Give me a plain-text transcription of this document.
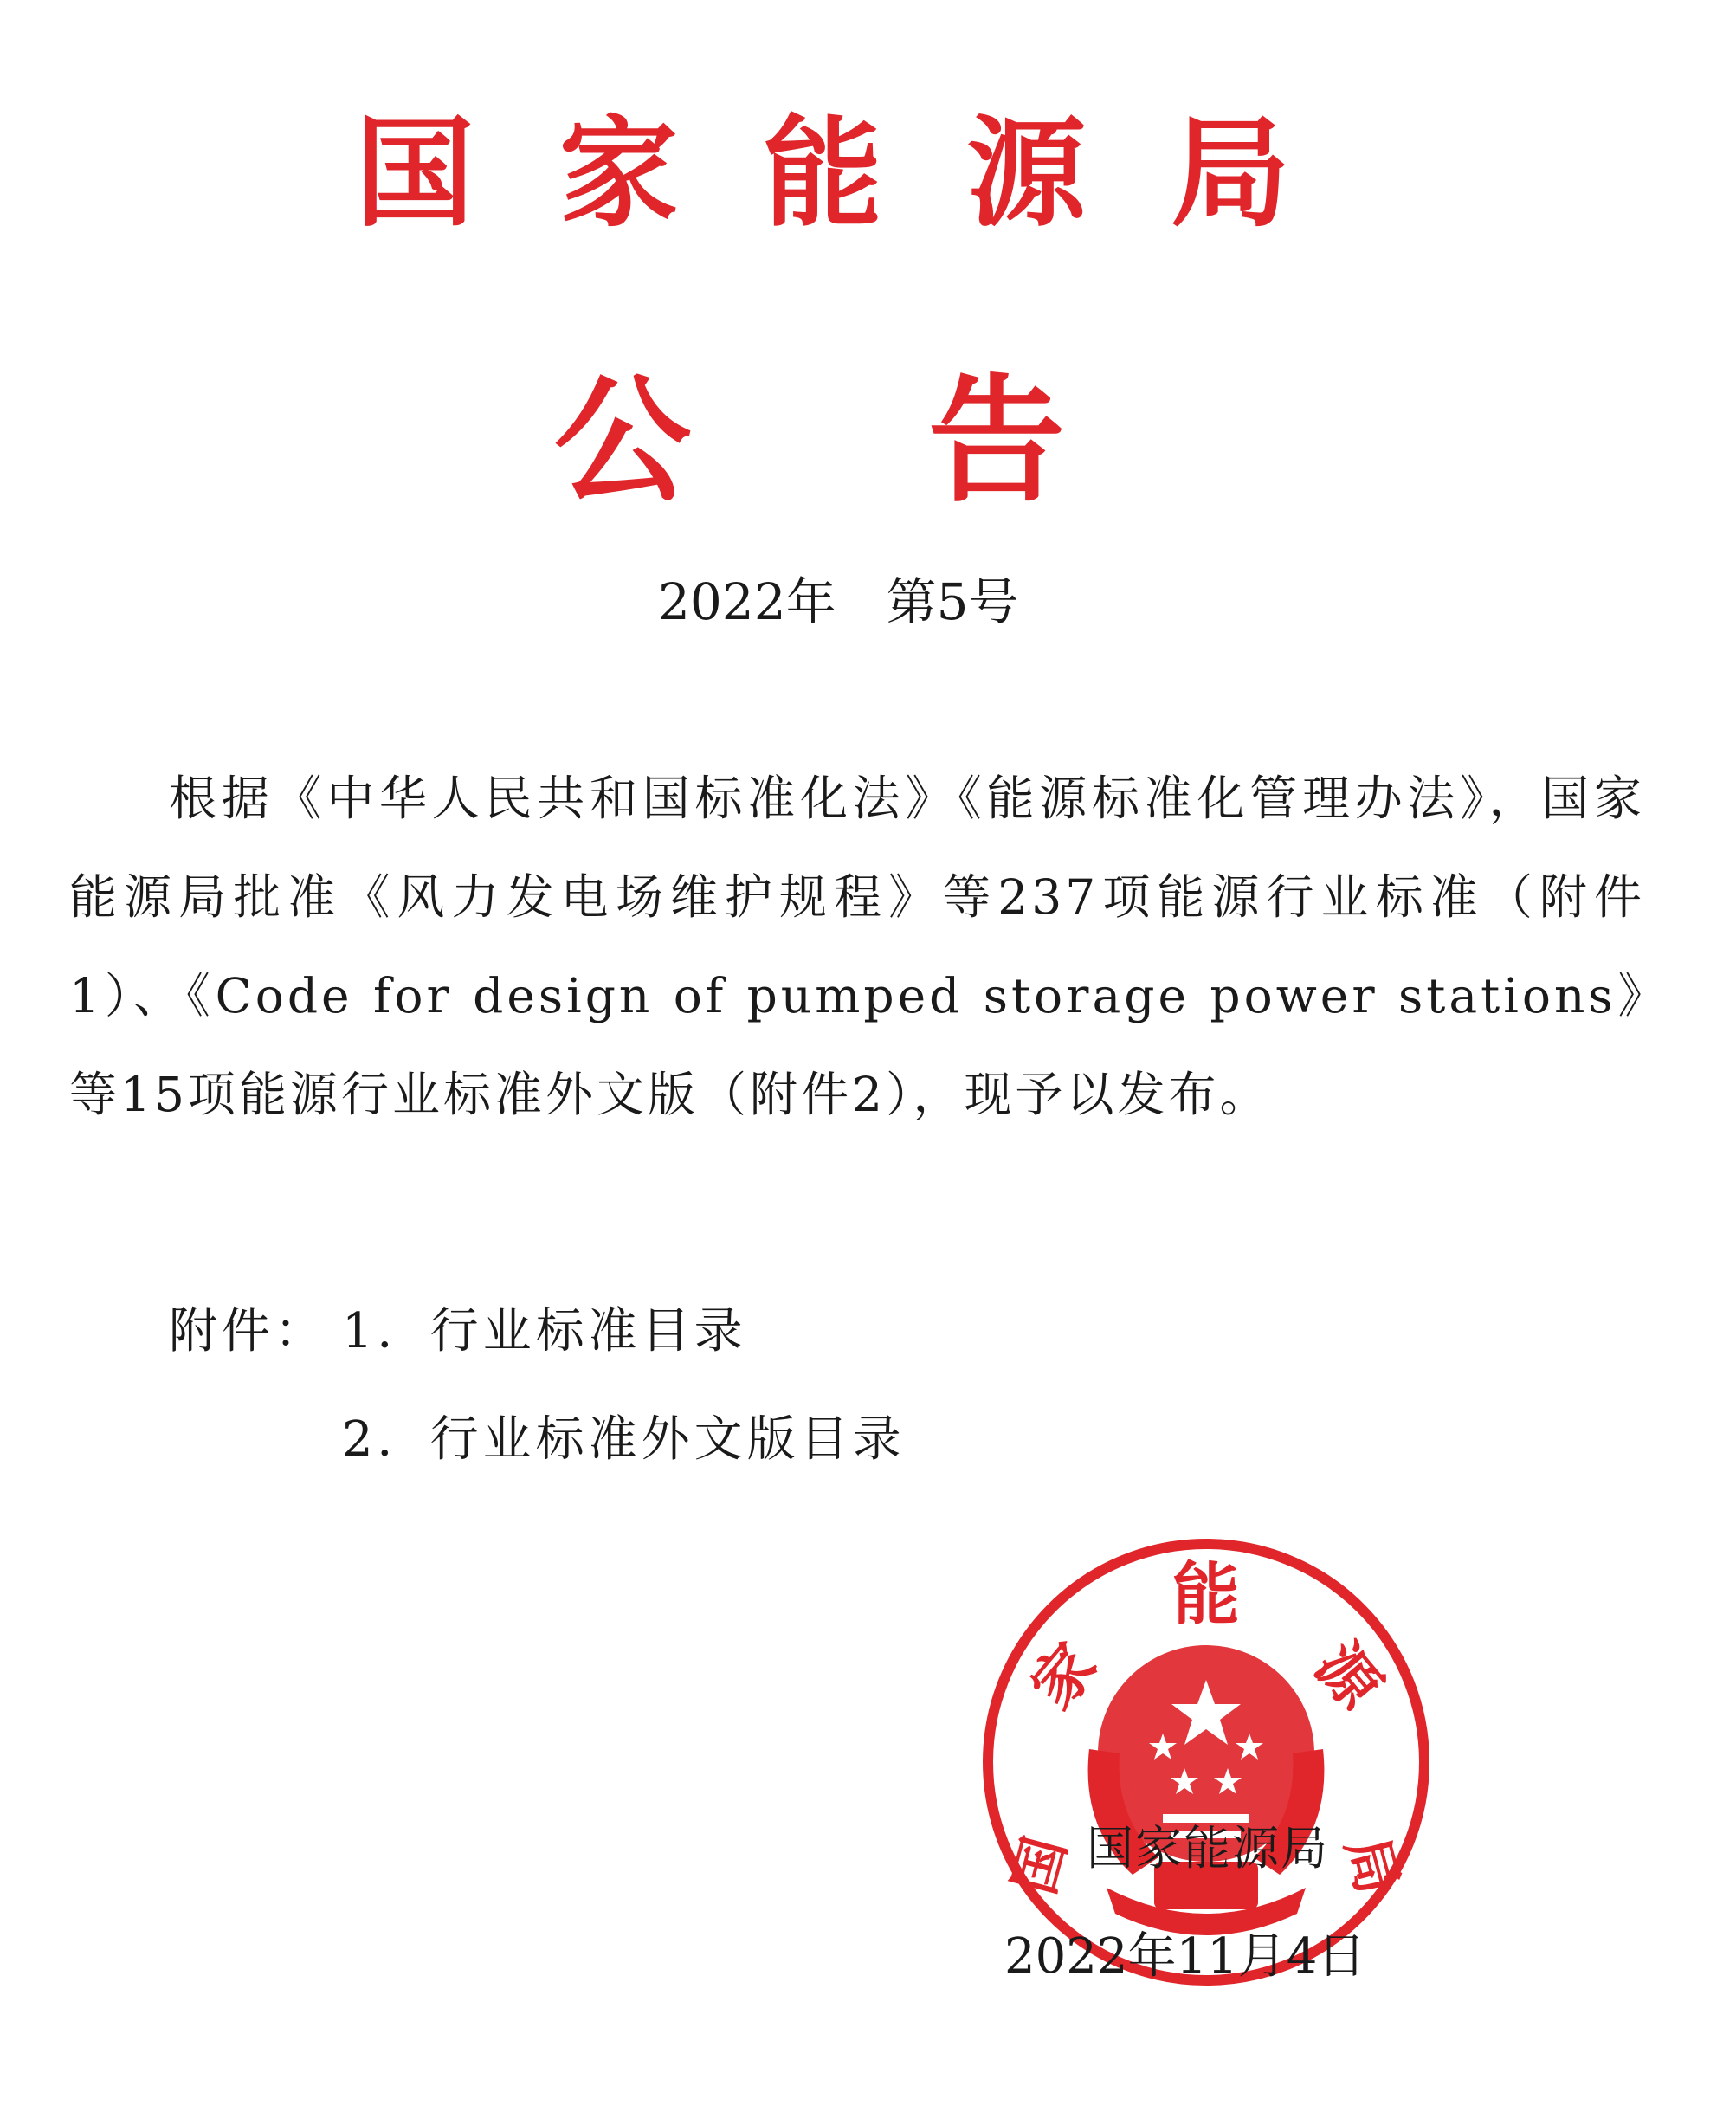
国 家 能 源 局
公 告
2022年　第5号
根据《中华人民共和国标准化法》《能源标准化管理办法》，国家能源局批准《风力发电场维护规程》等237项能源行业标准（附件1）、《Code for design of pumped storage power stations》等15项能源行业标准外文版（附件2），现予以发布。
附件： 1．行业标准目录
2．行业标准外文版目录
能
家	源
国	局
国家能源局
2022年11月4日
